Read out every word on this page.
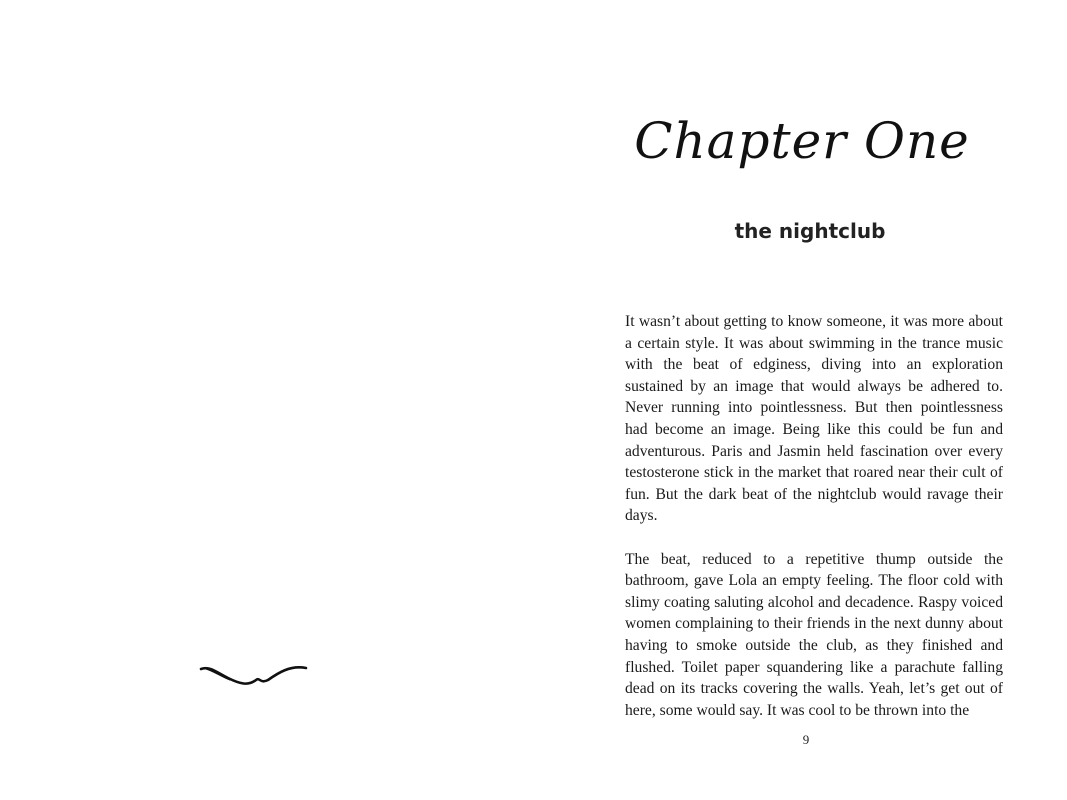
Chapter One
the nightclub

It wasn’t about getting to know someone, it was more about a certain style. It was about swimming in the trance music with the beat of edginess, diving into an exploration sustained by an image that would always be adhered to. Never running into pointlessness. But then pointlessness had become an image. Being like this could be fun and adventurous. Paris and Jasmin held fascination over every testosterone stick in the market that roared near their cult of fun. But the dark beat of the nightclub would ravage their days.

The beat, reduced to a repetitive thump outside the bathroom, gave Lola an empty feeling. The floor cold with slimy coating saluting alcohol and decadence. Raspy voiced women complaining to their friends in the next dunny about having to smoke outside the club, as they finished and flushed. Toilet paper squandering like a parachute falling dead on its tracks covering the walls. Yeah, let’s get out of here, some would say. It was cool to be thrown into the

9
